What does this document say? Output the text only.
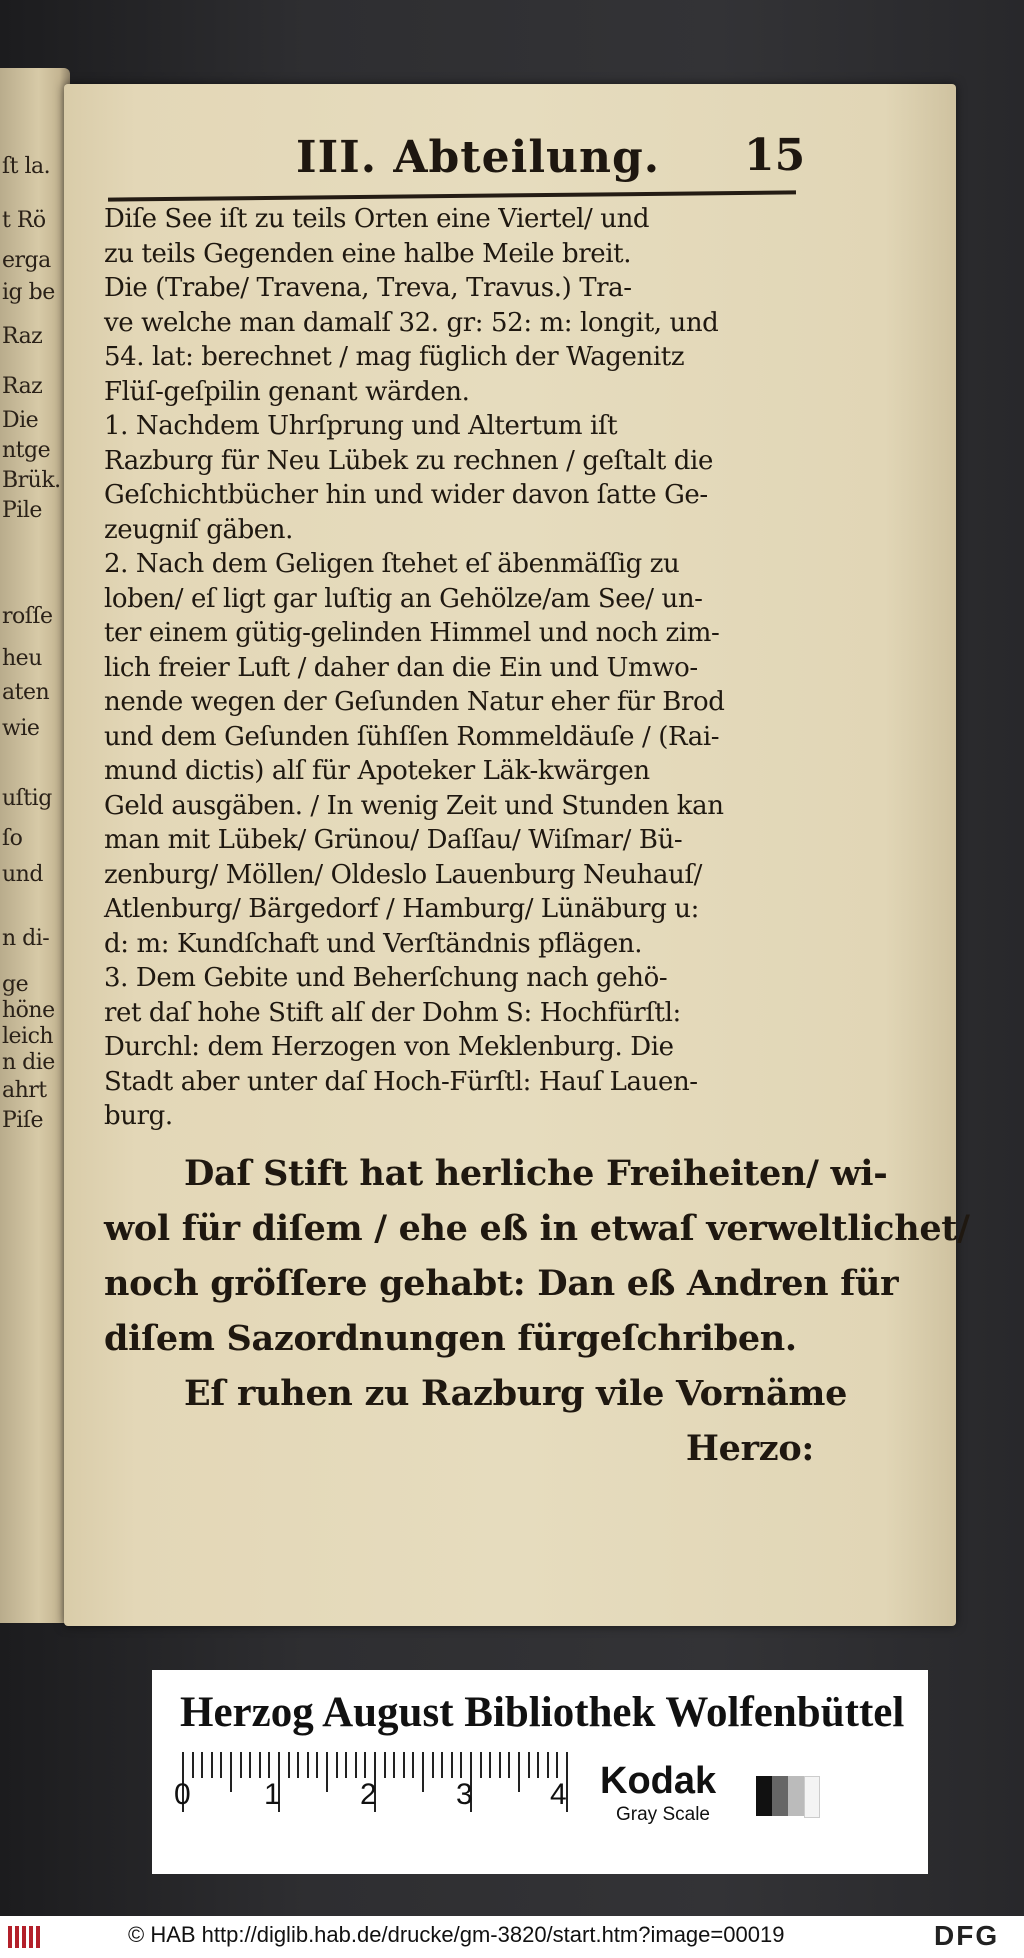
ſt la.
t Rö
erga
ig be
Raz
Raz
Die
ntge
Brük.
Pile
roſſe
heu
aten
wie
uſtig
ſo
und
n di-
ge
höne
leich
n die
ahrt
Piſe
III. Abteilung. 15
Diſe See iſt zu teils Orten eine Viertel/ und
zu teils Gegenden eine halbe Meile breit.
Die (Trabe/ Travena, Treva, Travus.) Tra-
ve welche man damalſ 32. gr: 52: m: longit, und
54. lat: berechnet / mag füglich der Wagenitz
Flüſ-geſpilin genant wärden.
1. Nachdem Uhrſprung und Altertum iſt
Razburg für Neu Lübek zu rechnen / geſtalt die
Geſchichtbücher hin und wider davon ſatte Ge-
zeugniſ gäben.
2. Nach dem Geligen ſtehet eſ äbenmäſſig zu
loben/ eſ ligt gar luſtig an Gehölze/am See/ un-
ter einem gütig-gelinden Himmel und noch zim-
lich freier Luft / daher dan die Ein und Umwo-
nende wegen der Geſunden Natur eher für Brod
und dem Geſunden ſühſſen Rommeldäuſe / (Rai-
mund dictis) alſ für Apoteker Läk-kwärgen
Geld ausgäben. / In wenig Zeit und Stunden kan
man mit Lübek/ Grünou/ Daſſau/ Wiſmar/ Bü-
zenburg/ Möllen/ Oldeslo Lauenburg Neuhauſ/
Atlenburg/ Bärgedorf / Hamburg/ Lünäburg u:
d: m: Kundſchaft und Verſtändnis pflägen.
3. Dem Gebite und Beherſchung nach gehö-
ret daſ hohe Stift alſ der Dohm S: Hochfürſtl:
Durchl: dem Herzogen von Meklenburg. Die
Stadt aber unter daſ Hoch-Fürſtl: Hauſ Lauen-
burg.
Daſ Stift hat herliche Freiheiten/ wi-
wol für diſem / ehe eß in etwaſ verweltlichet/
noch gröſſere gehabt: Dan eß Andren für
diſem Sazordnungen fürgeſchriben.
Eſ ruhen zu Razburg vile Vornäme
Herzo:
Herzog August Bibliothek Wolfenbüttel
0 1	2	3	4 Kodak
Gray Scale
© HAB http://diglib.hab.de/drucke/gm-3820/start.htm?image=00019	DFG
